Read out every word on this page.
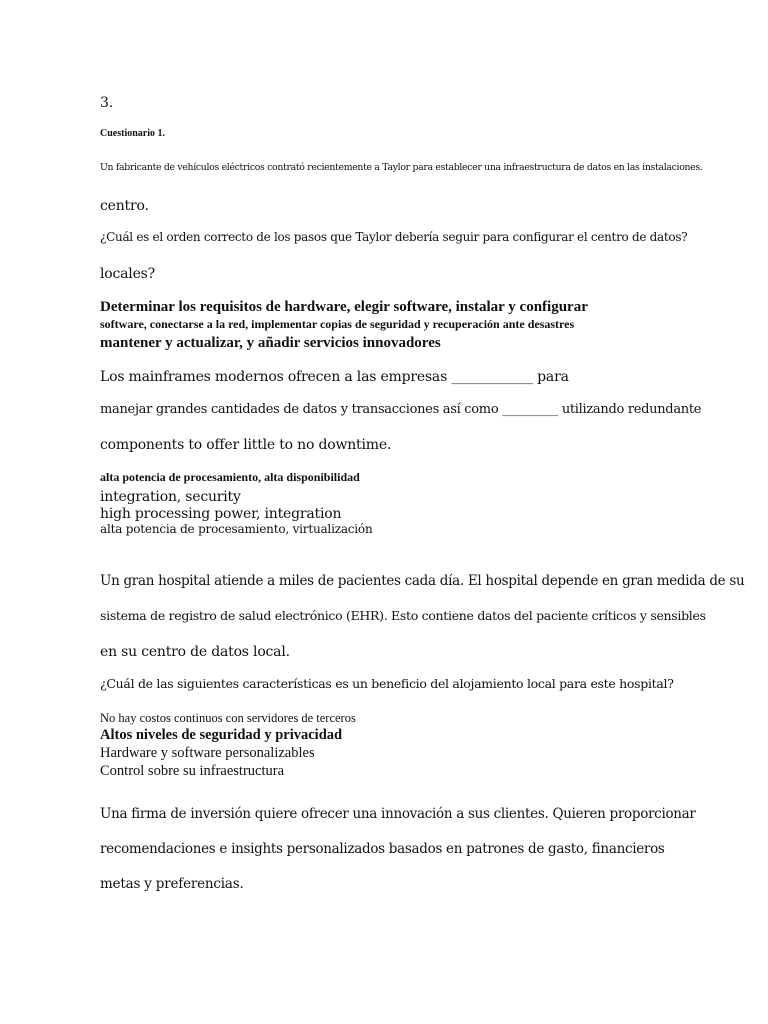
3.

Cuestionario 1.

Un fabricante de vehículos eléctricos contrató recientemente a Taylor para establecer una infraestructura de datos en las instalaciones.

centro.

¿Cuál es el orden correcto de los pasos que Taylor debería seguir para configurar el centro de datos?

locales?

Determinar los requisitos de hardware, elegir software, instalar y configurar

software, conectarse a la red, implementar copias de seguridad y recuperación ante desastres

mantener y actualizar, y añadir servicios innovadores

Los mainframes modernos ofrecen a las empresas ____________ para

manejar grandes cantidades de datos y transacciones así como _________ utilizando redundante

components to offer little to no downtime.

alta potencia de procesamiento, alta disponibilidad

integration, security

high processing power, integration

alta potencia de procesamiento, virtualización

Un gran hospital atiende a miles de pacientes cada día. El hospital depende en gran medida de su

sistema de registro de salud electrónico (EHR). Esto contiene datos del paciente críticos y sensibles

en su centro de datos local.

¿Cuál de las siguientes características es un beneficio del alojamiento local para este hospital?

No hay costos continuos con servidores de terceros

Altos niveles de seguridad y privacidad

Hardware y software personalizables

Control sobre su infraestructura

Una firma de inversión quiere ofrecer una innovación a sus clientes. Quieren proporcionar

recomendaciones e insights personalizados basados en patrones de gasto, financieros

metas y preferencias.
